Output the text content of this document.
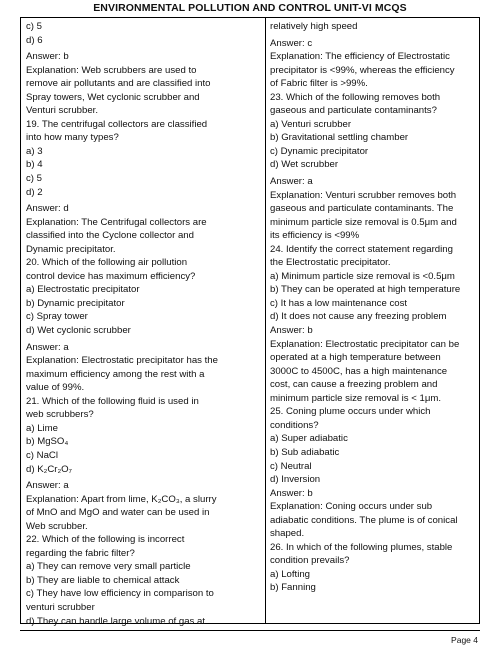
ENVIRONMENTAL POLLUTION AND CONTROL UNIT-VI MCQS
c) 5
d) 6
Answer: b
Explanation: Web scrubbers are used to
remove air pollutants and are classified into
Spray towers, Wet cyclonic scrubber and
Venturi scrubber.
19. The centrifugal collectors are classified
into how many types?
a) 3
b) 4
c) 5
d) 2
Answer: d
Explanation: The Centrifugal collectors are
classified into the Cyclone collector and
Dynamic precipitator.
20. Which of the following air pollution
control device has maximum efficiency?
a) Electrostatic precipitator
b) Dynamic precipitator
c) Spray tower
d) Wet cyclonic scrubber
Answer: a
Explanation: Electrostatic precipitator has the
maximum efficiency among the rest with a
value of 99%.
21. Which of the following fluid is used in
web scrubbers?
a) Lime
b) MgSO₄
c) NaCl
d) K₂Cr₂O₇
Answer: a
Explanation: Apart from lime, K₂CO₃, a slurry
of MnO and MgO and water can be used in
Web scrubber.
22. Which of the following is incorrect
regarding the fabric filter?
a) They can remove very small particle
b) They are liable to chemical attack
c) They have low efficiency in comparison to
venturi scrubber
d) They can handle large volume of gas at
relatively high speed
Answer: c
Explanation: The efficiency of Electrostatic
precipitator is <99%, whereas the efficiency
of Fabric filter is >99%.
23. Which of the following removes both
gaseous and particulate contaminants?
a) Venturi scrubber
b) Gravitational settling chamber
c) Dynamic precipitator
d) Wet scrubber
Answer: a
Explanation: Venturi scrubber removes both
gaseous and particulate contaminants. The
minimum particle size removal is 0.5μm and
its efficiency is <99%
24. Identify the correct statement regarding
the Electrostatic precipitator.
a) Minimum particle size removal is <0.5μm
b) They can be operated at high temperature
c) It has a low maintenance cost
d) It does not cause any freezing problem
Answer: b
Explanation: Electrostatic precipitator can be
operated at a high temperature between
3000C to 4500C, has a high maintenance
cost, can cause a freezing problem and
minimum particle size removal is < 1μm.
25. Coning plume occurs under which
conditions?
a) Super adiabatic
b) Sub adiabatic
c) Neutral
d) Inversion
Answer: b
Explanation: Coning occurs under sub
adiabatic conditions. The plume is of conical
shaped.
26. In which of the following plumes, stable
condition prevails?
a) Lofting
b) Fanning
Page 4
